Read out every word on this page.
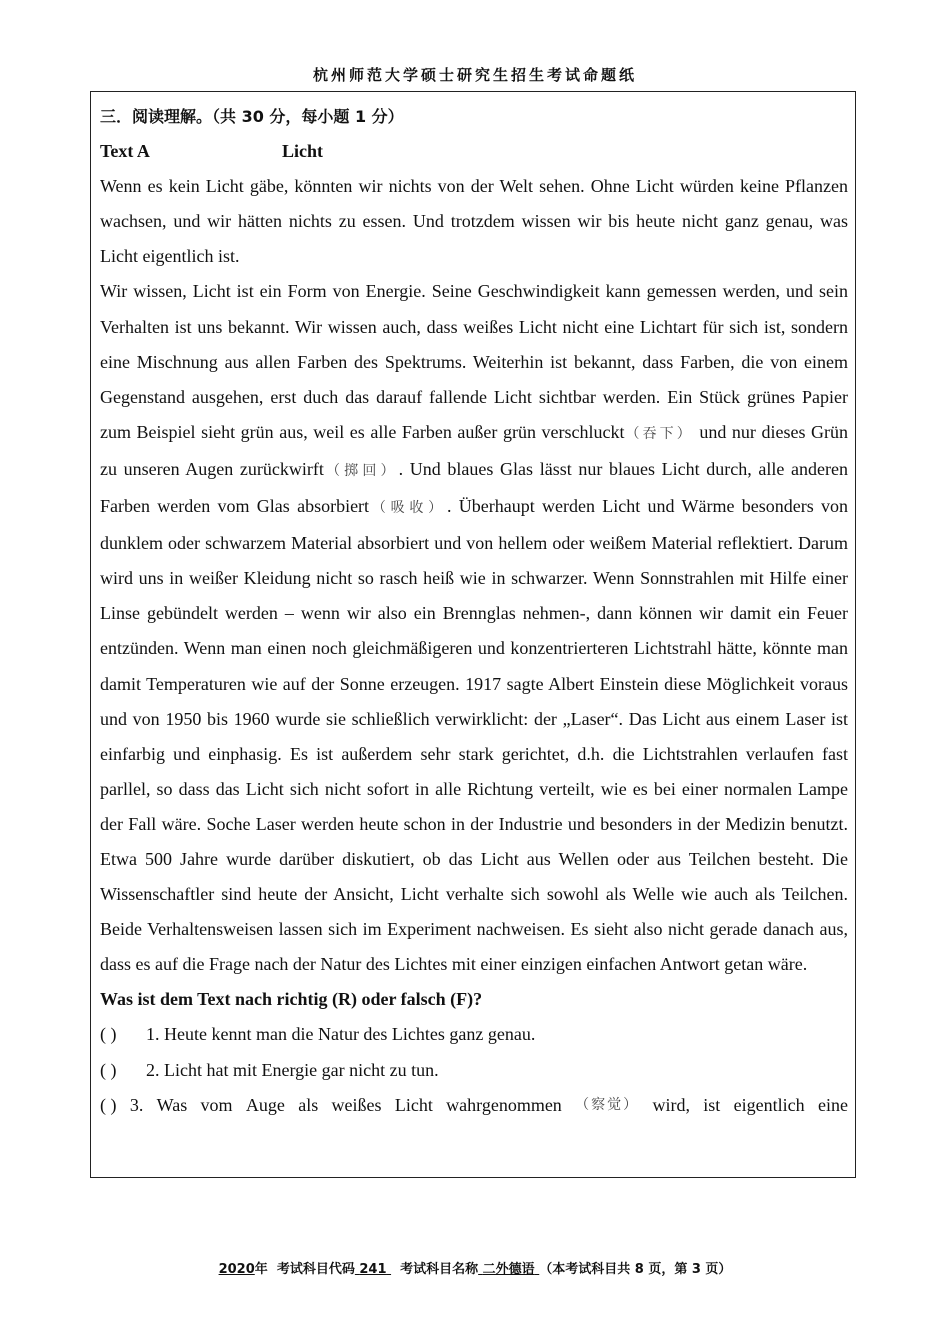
杭州师范大学硕士研究生招生考试命题纸

三．阅读理解。（共 30 分，每小题 1 分）

Text A	Licht

Wenn es kein Licht gäbe, könnten wir nichts von der Welt sehen. Ohne Licht würden keine Pflanzen wachsen, und wir hätten nichts zu essen. Und trotzdem wissen wir bis heute nicht ganz genau, was Licht eigentlich ist.

Wir wissen, Licht ist ein Form von Energie. Seine Geschwindigkeit kann gemessen werden, und sein Verhalten ist uns bekannt. Wir wissen auch, dass weißes Licht nicht eine Lichtart für sich ist, sondern eine Mischnung aus allen Farben des Spektrums. Weiterhin ist bekannt, dass Farben, die von einem Gegenstand ausgehen, erst duch das darauf fallende Licht sichtbar werden. Ein Stück grünes Papier zum Beispiel sieht grün aus, weil es alle Farben außer grün verschluckt（吞下） und nur dieses Grün zu unseren Augen zurückwirft（掷回）. Und blaues Glas lässt nur blaues Licht durch, alle anderen Farben werden vom Glas absorbiert（吸收）. Überhaupt werden Licht und Wärme besonders von dunklem oder schwarzem Material absorbiert und von hellem oder weißem Material reflektiert. Darum wird uns in weißer Kleidung nicht so rasch heiß wie in schwarzer. Wenn Sonnstrahlen mit Hilfe einer Linse gebündelt werden – wenn wir also ein Brennglas nehmen-, dann können wir damit ein Feuer entzünden. Wenn man einen noch gleichmäßigeren und konzentrierteren Lichtstrahl hätte, könnte man damit Temperaturen wie auf der Sonne erzeugen. 1917 sagte Albert Einstein diese Möglichkeit voraus und von 1950 bis 1960 wurde sie schließlich verwirklicht: der „Laser“. Das Licht aus einem Laser ist einfarbig und einphasig. Es ist außerdem sehr stark gerichtet, d.h. die Lichtstrahlen verlaufen fast parllel, so dass das Licht sich nicht sofort in alle Richtung verteilt, wie es bei einer normalen Lampe der Fall wäre. Soche Laser werden heute schon in der Industrie und besonders in der Medizin benutzt. Etwa 500 Jahre wurde darüber diskutiert, ob das Licht aus Wellen oder aus Teilchen besteht. Die Wissenschaftler sind heute der Ansicht, Licht verhalte sich sowohl als Welle wie auch als Teilchen. Beide Verhaltensweisen lassen sich im Experiment nachweisen. Es sieht also nicht gerade danach aus, dass es auf die Frage nach der Natur des Lichtes mit einer einzigen einfachen Antwort getan wäre.

Was ist dem Text nach richtig (R) oder falsch (F)?

( ) 1. Heute kennt man die Natur des Lichtes ganz genau.

( ) 2. Licht hat mit Energie gar nicht zu tun.

( ) 3. Was vom Auge als weißes Licht wahrgenommen （察觉） wird, ist eigentlich eine

2020年 考试科目代码 241 考试科目名称 二外德语 （本考试科目共 8 页，第 3 页）
